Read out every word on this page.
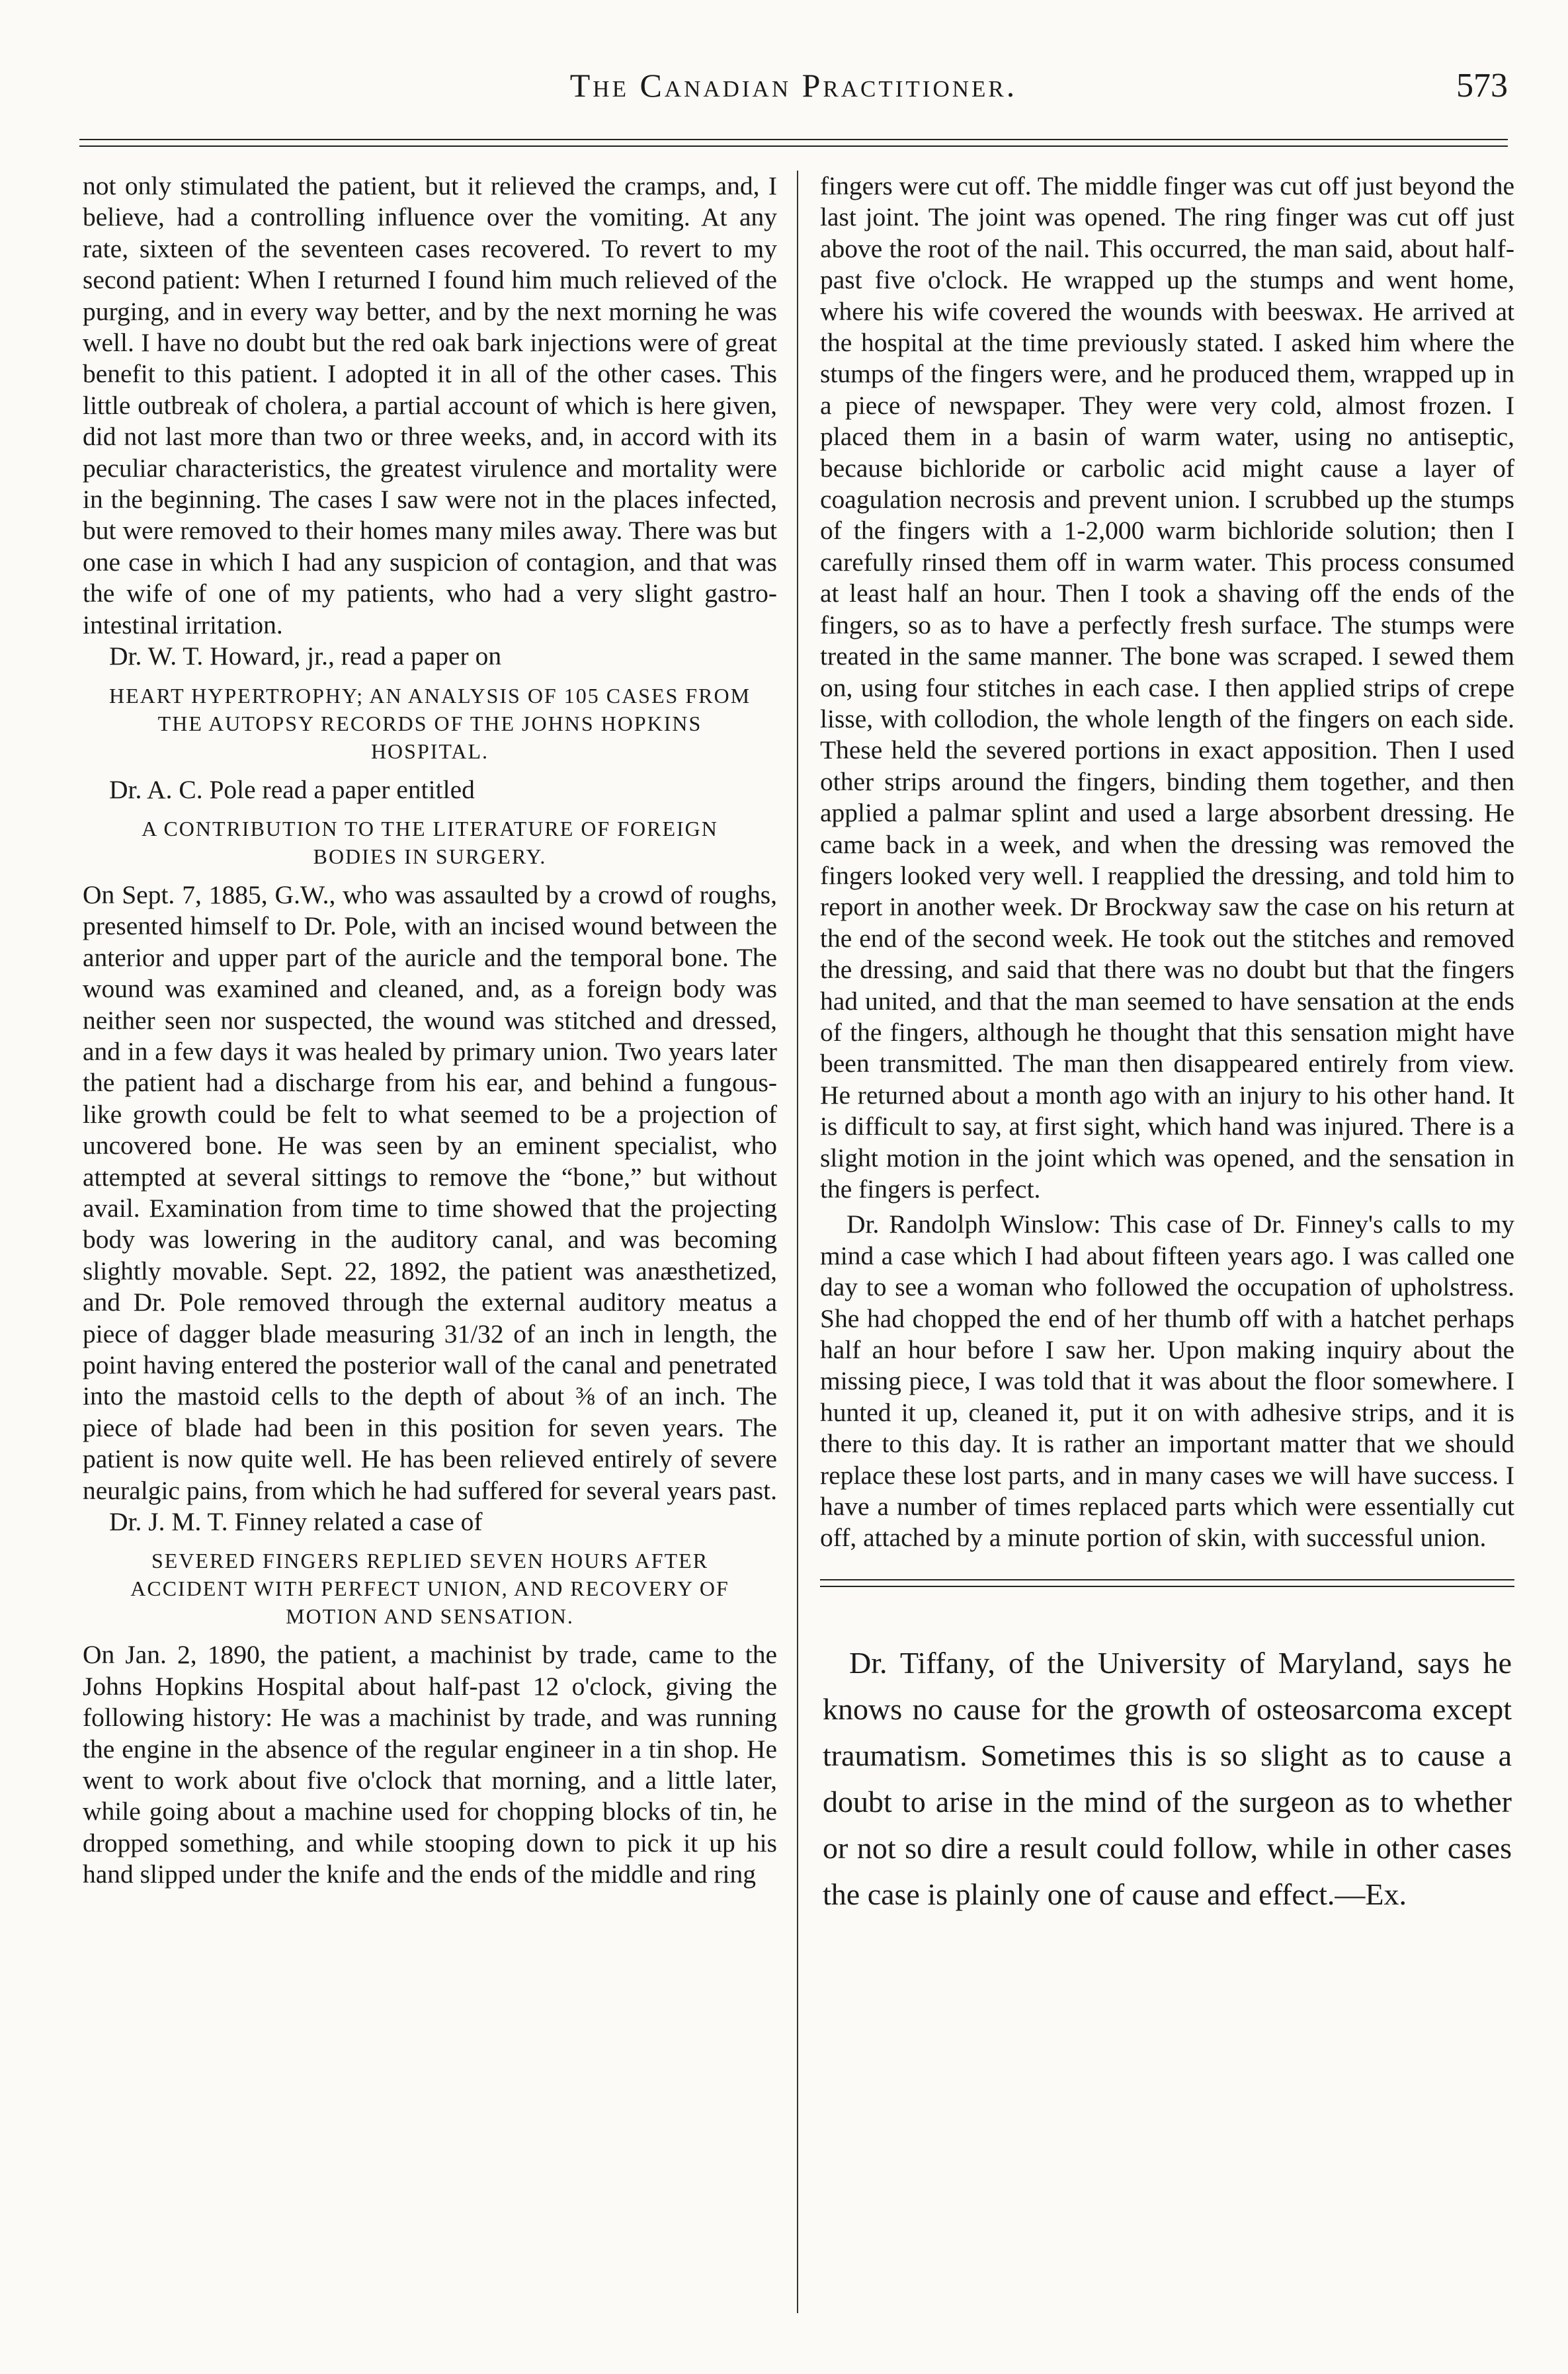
The Canadian Practitioner.	573

not only stimulated the patient, but it relieved the cramps, and, I believe, had a controlling influence over the vomiting. At any rate, sixteen of the seventeen cases recovered. To revert to my second patient: When I returned I found him much relieved of the purging, and in every way better, and by the next morning he was well. I have no doubt but the red oak bark injections were of great benefit to this patient. I adopted it in all of the other cases. This little outbreak of cholera, a partial account of which is here given, did not last more than two or three weeks, and, in accord with its peculiar characteristics, the greatest virulence and mortality were in the beginning. The cases I saw were not in the places infected, but were removed to their homes many miles away. There was but one case in which I had any suspicion of contagion, and that was the wife of one of my patients, who had a very slight gastro-intestinal irritation.

Dr. W. T. Howard, jr., read a paper on

HEART HYPERTROPHY; AN ANALYSIS OF 105 CASES FROM THE AUTOPSY RECORDS OF THE JOHNS HOPKINS HOSPITAL.

Dr. A. C. Pole read a paper entitled

A CONTRIBUTION TO THE LITERATURE OF FOREIGN BODIES IN SURGERY.

On Sept. 7, 1885, G.W., who was assaulted by a crowd of roughs, presented himself to Dr. Pole, with an incised wound between the anterior and upper part of the auricle and the temporal bone. The wound was examined and cleaned, and, as a foreign body was neither seen nor suspected, the wound was stitched and dressed, and in a few days it was healed by primary union. Two years later the patient had a discharge from his ear, and behind a fungous-like growth could be felt to what seemed to be a projection of uncovered bone. He was seen by an eminent specialist, who attempted at several sittings to remove the “bone,” but without avail. Examination from time to time showed that the projecting body was lowering in the auditory canal, and was becoming slightly movable. Sept. 22, 1892, the patient was anæsthetized, and Dr. Pole removed through the external auditory meatus a piece of dagger blade measuring 31/32 of an inch in length, the point having entered the posterior wall of the canal and penetrated into the mastoid cells to the depth of about ⅜ of an inch. The piece of blade had been in this position for seven years. The patient is now quite well. He has been relieved entirely of severe neuralgic pains, from which he had suffered for several years past.

Dr. J. M. T. Finney related a case of

SEVERED FINGERS REPLIED SEVEN HOURS AFTER ACCIDENT WITH PERFECT UNION, AND RECOVERY OF MOTION AND SENSATION.

On Jan. 2, 1890, the patient, a machinist by trade, came to the Johns Hopkins Hospital about half-past 12 o'clock, giving the following history: He was a machinist by trade, and was running the engine in the absence of the regular engineer in a tin shop. He went to work about five o'clock that morning, and a little later, while going about a machine used for chopping blocks of tin, he dropped something, and while stooping down to pick it up his hand slipped under the knife and the ends of the middle and ring

fingers were cut off. The middle finger was cut off just beyond the last joint. The joint was opened. The ring finger was cut off just above the root of the nail. This occurred, the man said, about half-past five o'clock. He wrapped up the stumps and went home, where his wife covered the wounds with beeswax. He arrived at the hospital at the time previously stated. I asked him where the stumps of the fingers were, and he produced them, wrapped up in a piece of newspaper. They were very cold, almost frozen. I placed them in a basin of warm water, using no antiseptic, because bichloride or carbolic acid might cause a layer of coagulation necrosis and prevent union. I scrubbed up the stumps of the fingers with a 1-2,000 warm bichloride solution; then I carefully rinsed them off in warm water. This process consumed at least half an hour. Then I took a shaving off the ends of the fingers, so as to have a perfectly fresh surface. The stumps were treated in the same manner. The bone was scraped. I sewed them on, using four stitches in each case. I then applied strips of crepe lisse, with collodion, the whole length of the fingers on each side. These held the severed portions in exact apposition. Then I used other strips around the fingers, binding them together, and then applied a palmar splint and used a large absorbent dressing. He came back in a week, and when the dressing was removed the fingers looked very well. I reapplied the dressing, and told him to report in another week. Dr Brockway saw the case on his return at the end of the second week. He took out the stitches and removed the dressing, and said that there was no doubt but that the fingers had united, and that the man seemed to have sensation at the ends of the fingers, although he thought that this sensation might have been transmitted. The man then disappeared entirely from view. He returned about a month ago with an injury to his other hand. It is difficult to say, at first sight, which hand was injured. There is a slight motion in the joint which was opened, and the sensation in the fingers is perfect.

Dr. Randolph Winslow: This case of Dr. Finney's calls to my mind a case which I had about fifteen years ago. I was called one day to see a woman who followed the occupation of upholstress. She had chopped the end of her thumb off with a hatchet perhaps half an hour before I saw her. Upon making inquiry about the missing piece, I was told that it was about the floor somewhere. I hunted it up, cleaned it, put it on with adhesive strips, and it is there to this day. It is rather an important matter that we should replace these lost parts, and in many cases we will have success. I have a number of times replaced parts which were essentially cut off, attached by a minute portion of skin, with successful union.

Dr. Tiffany, of the University of Maryland, says he knows no cause for the growth of osteosarcoma except traumatism. Sometimes this is so slight as to cause a doubt to arise in the mind of the surgeon as to whether or not so dire a result could follow, while in other cases the case is plainly one of cause and effect.—Ex.
